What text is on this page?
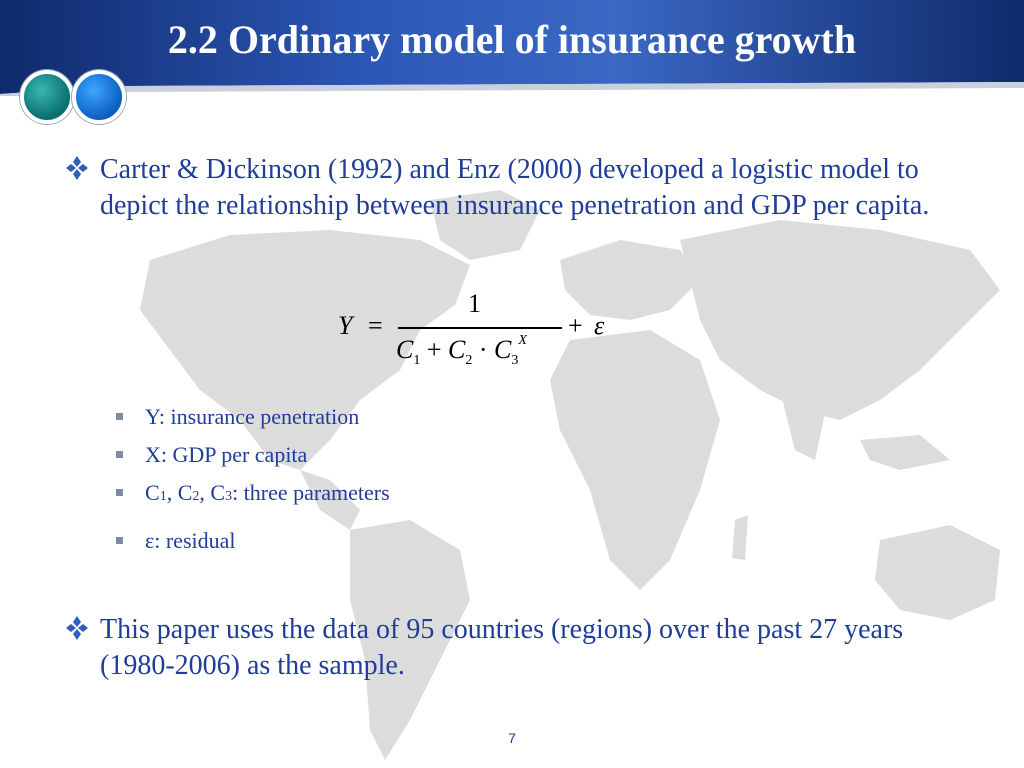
2.2 Ordinary model of insurance growth
Carter & Dickinson (1992) and Enz (2000) developed a logistic model to depict the relationship between insurance penetration and GDP per capita.
Y =
1
$C_1 + C_2 \cdot C_3^X$
+ ε
Y: insurance penetration
X: GDP per capita
C1, C2, C3: three parameters
ε: residual
This paper uses the data of 95 countries (regions) over the past 27 years (1980-2006) as the sample.
7
